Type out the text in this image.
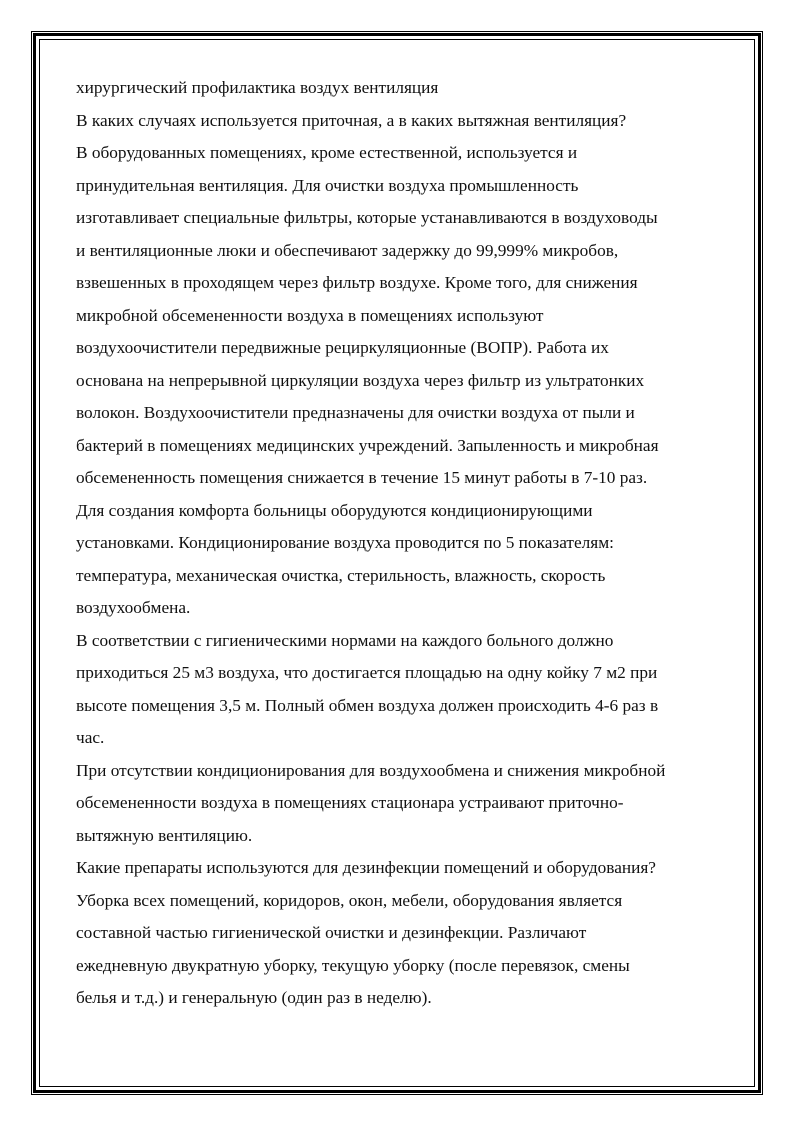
хирургический профилактика воздух вентиляция
В каких случаях используется приточная, а в каких вытяжная вентиляция?
В оборудованных помещениях, кроме естественной, используется и
принудительная вентиляция. Для очистки воздуха промышленность
изготавливает специальные фильтры, которые устанавливаются в воздуховоды
и вентиляционные люки и обеспечивают задержку до 99,999% микробов,
взвешенных в проходящем через фильтр воздухе. Кроме того, для снижения
микробной обсемененности воздуха в помещениях используют
воздухоочистители передвижные рециркуляционные (ВОПР). Работа их
основана на непрерывной циркуляции воздуха через фильтр из ультратонких
волокон. Воздухоочистители предназначены для очистки воздуха от пыли и
бактерий в помещениях медицинских учреждений. Запыленность и микробная
обсемененность помещения снижается в течение 15 минут работы в 7-10 раз.
Для создания комфорта больницы оборудуются кондиционирующими
установками. Кондиционирование воздуха проводится по 5 показателям:
температура, механическая очистка, стерильность, влажность, скорость
воздухообмена.
В соответствии с гигиеническими нормами на каждого больного должно
приходиться 25 м3 воздуха, что достигается площадью на одну койку 7 м2 при
высоте помещения 3,5 м. Полный обмен воздуха должен происходить 4-6 раз в
час.
При отсутствии кондиционирования для воздухообмена и снижения микробной
обсемененности воздуха в помещениях стационара устраивают приточно-
вытяжную вентиляцию.
Какие препараты используются для дезинфекции помещений и оборудования?
Уборка всех помещений, коридоров, окон, мебели, оборудования является
составной частью гигиенической очистки и дезинфекции. Различают
ежедневную двукратную уборку, текущую уборку (после перевязок, смены
белья и т.д.) и генеральную (один раз в неделю).
